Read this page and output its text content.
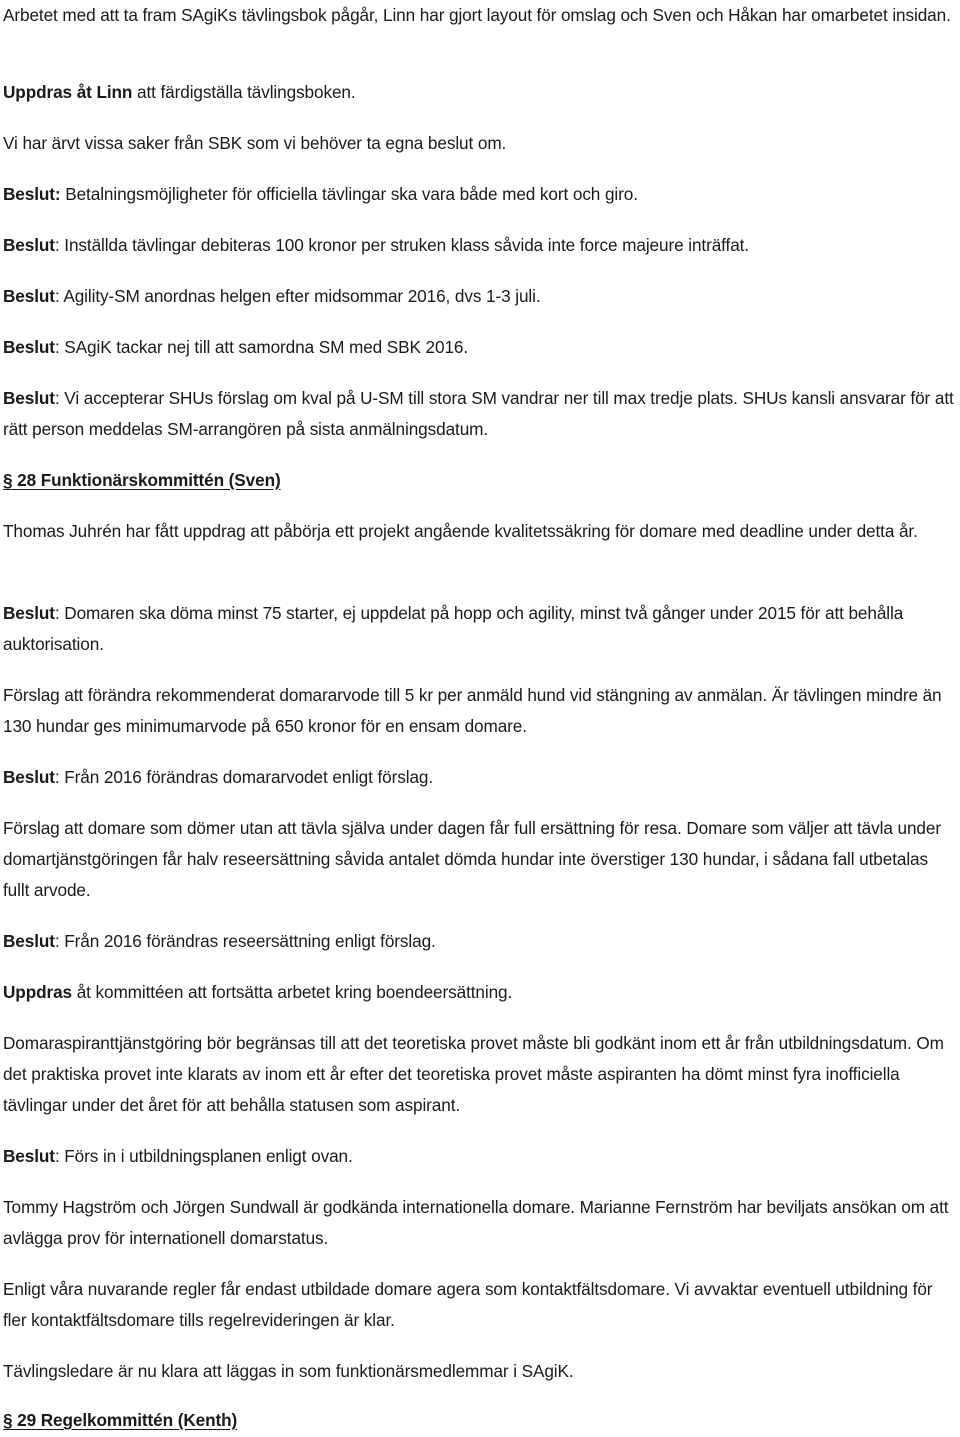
Arbetet med att ta fram SAgiKs tävlingsbok pågår, Linn har gjort layout för omslag och Sven och Håkan har omarbetet insidan.

Uppdras åt Linn att färdigställa tävlingsboken.

Vi har ärvt vissa saker från SBK som vi behöver ta egna beslut om.

Beslut: Betalningsmöjligheter för officiella tävlingar ska vara både med kort och giro.

Beslut: Inställda tävlingar debiteras 100 kronor per struken klass såvida inte force majeure inträffat.

Beslut: Agility-SM anordnas helgen efter midsommar 2016, dvs 1-3 juli.

Beslut: SAgiK tackar nej till att samordna SM med SBK 2016.

Beslut: Vi accepterar SHUs förslag om kval på U-SM till stora SM vandrar ner till max tredje plats. SHUs kansli ansvarar för att rätt person meddelas SM-arrangören på sista anmälningsdatum.

§ 28 Funktionärskommittén (Sven)

Thomas Juhrén har fått uppdrag att påbörja ett projekt angående kvalitetssäkring för domare med deadline under detta år.

Beslut: Domaren ska döma minst 75 starter, ej uppdelat på hopp och agility, minst två gånger under 2015 för att behålla auktorisation.

Förslag att förändra rekommenderat domararvode till 5 kr per anmäld hund vid stängning av anmälan. Är tävlingen mindre än 130 hundar ges minimumarvode på 650 kronor för en ensam domare.

Beslut: Från 2016 förändras domararvodet enligt förslag.

Förslag att domare som dömer utan att tävla själva under dagen får full ersättning för resa. Domare som väljer att tävla under domartjänstgöringen får halv reseersättning såvida antalet dömda hundar inte överstiger 130 hundar, i sådana fall utbetalas fullt arvode.

Beslut: Från 2016 förändras reseersättning enligt förslag.

Uppdras åt kommittéen att fortsätta arbetet kring boendeersättning.

Domaraspiranttjänstgöring bör begränsas till att det teoretiska provet måste bli godkänt inom ett år från utbildningsdatum. Om det praktiska provet inte klarats av inom ett år efter det teoretiska provet måste aspiranten ha dömt minst fyra inofficiella tävlingar under det året för att behålla statusen som aspirant.

Beslut: Förs in i utbildningsplanen enligt ovan.

Tommy Hagström och Jörgen Sundwall är godkända internationella domare. Marianne Fernström har beviljats ansökan om att avlägga prov för internationell domarstatus.

Enligt våra nuvarande regler får endast utbildade domare agera som kontaktfältsdomare. Vi avvaktar eventuell utbildning för fler kontaktfältsdomare tills regelrevideringen är klar.

Tävlingsledare är nu klara att läggas in som funktionärsmedlemmar i SAgiK.

§ 29 Regelkommittén (Kenth)
